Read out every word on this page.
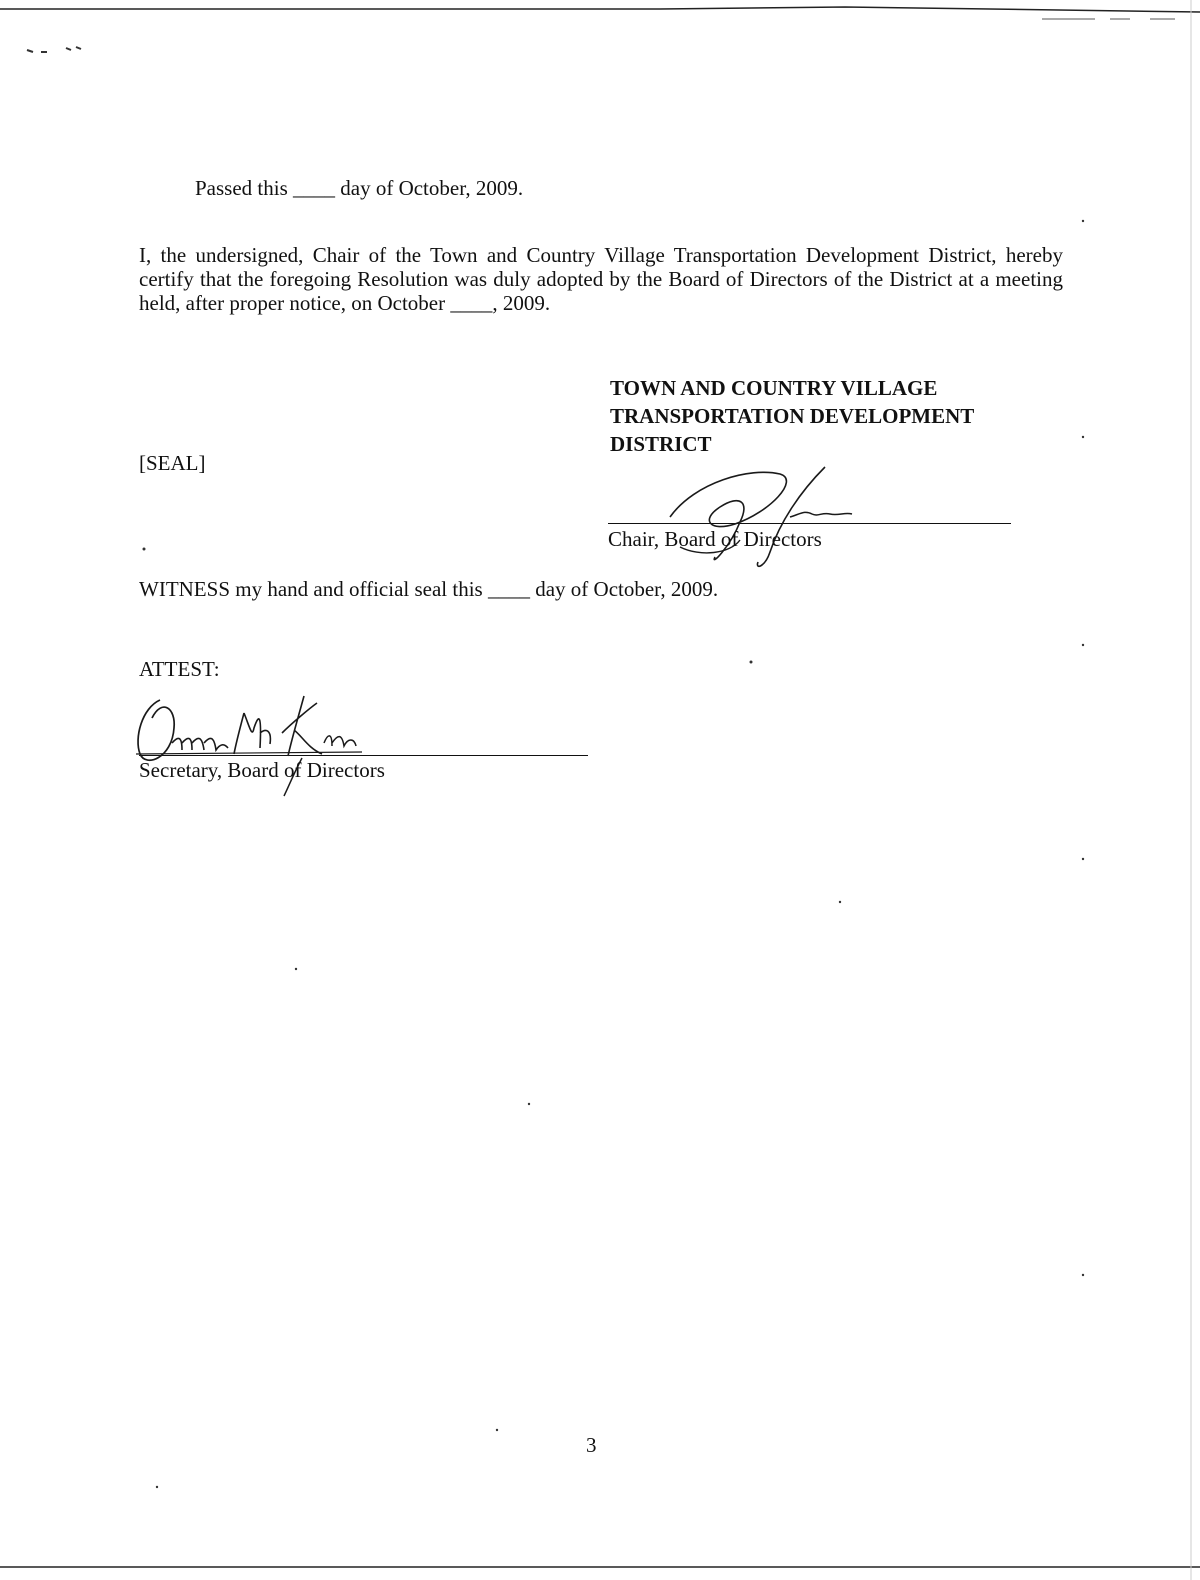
Passed this ____ day of October, 2009.
I, the undersigned, Chair of the Town and Country Village Transportation Development District, hereby certify that the foregoing Resolution was duly adopted by the Board of Directors of the District at a meeting held, after proper notice, on October ____, 2009.
TOWN AND COUNTRY VILLAGE
TRANSPORTATION DEVELOPMENT
DISTRICT
[SEAL]
Chair, Board of Directors
WITNESS my hand and official seal this ____ day of October, 2009.
ATTEST:
Secretary, Board of Directors
3
